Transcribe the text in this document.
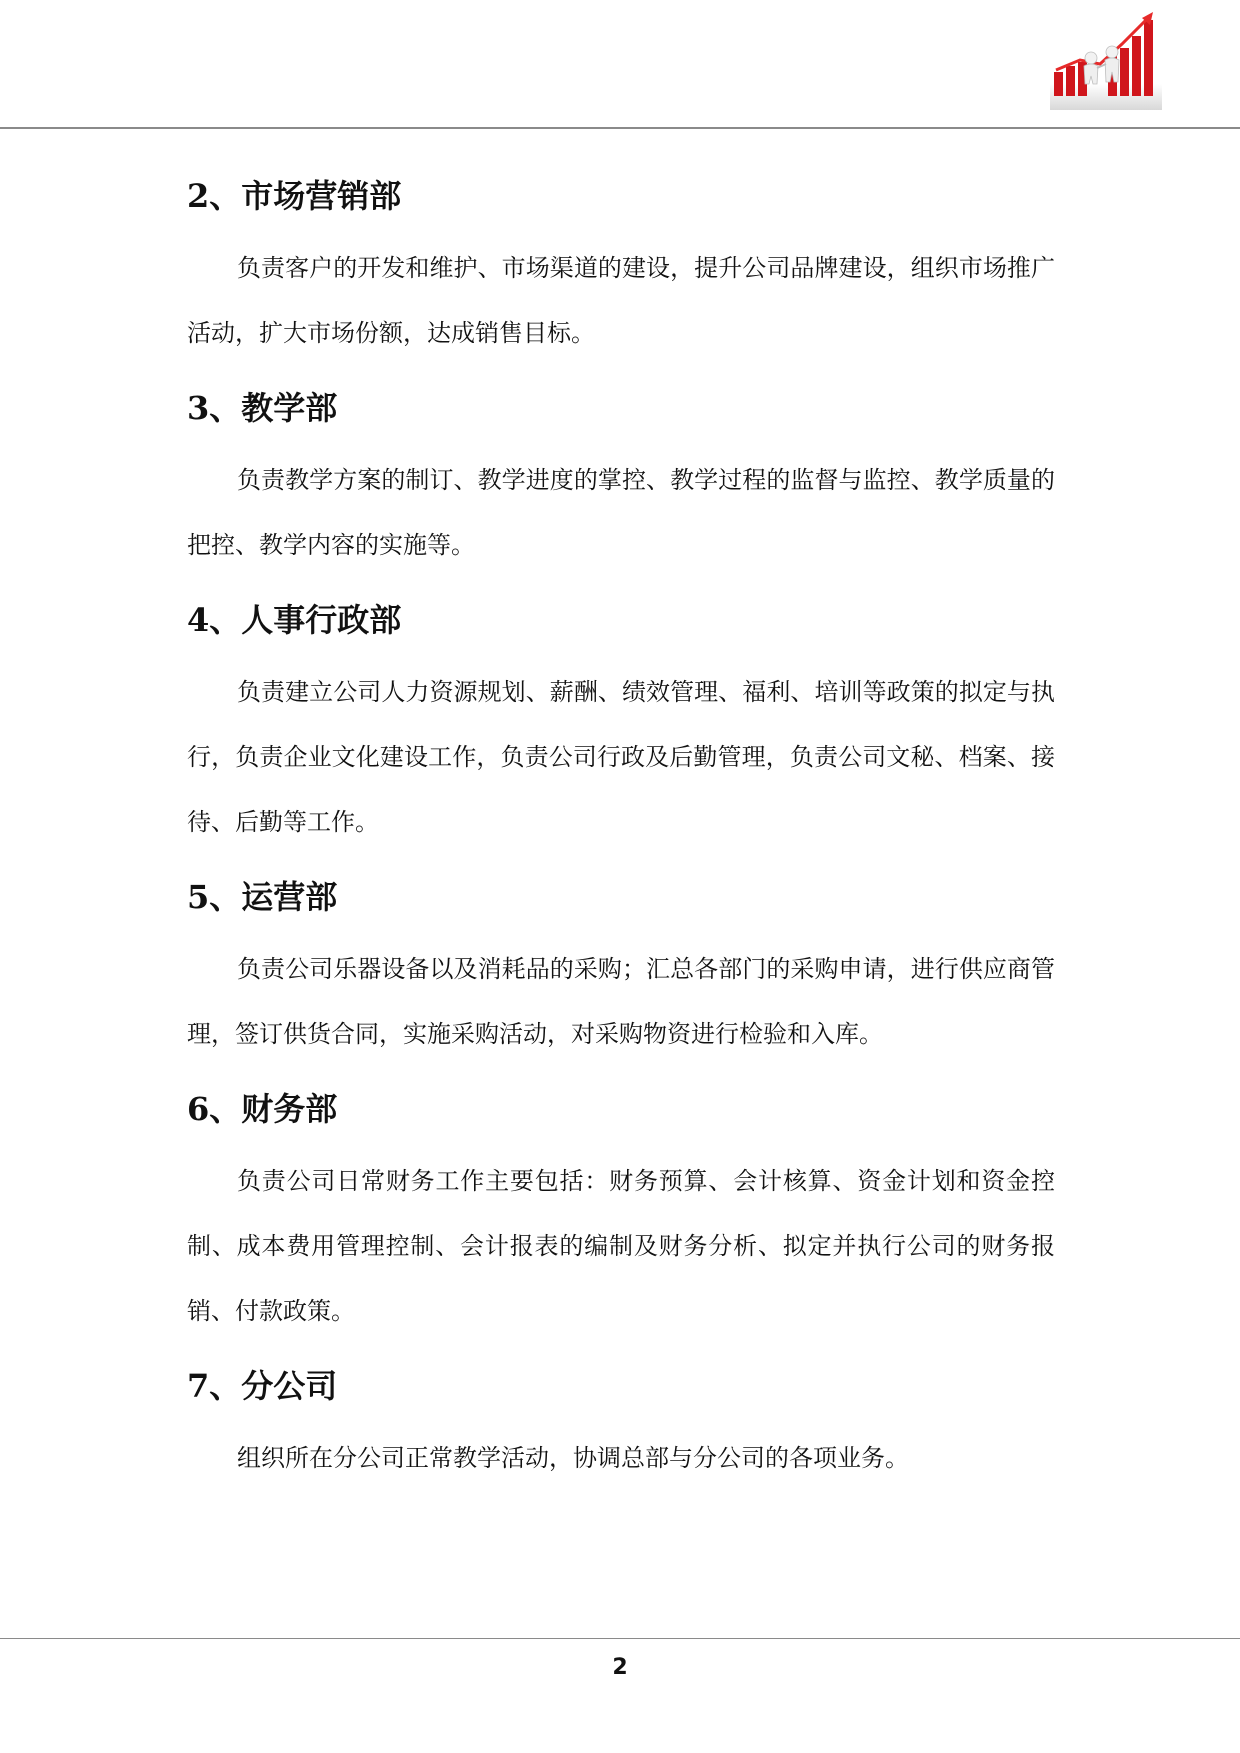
2、市场营销部

负责客户的开发和维护、市场渠道的建设，提升公司品牌建设，组织市场推广活动，扩大市场份额，达成销售目标。

3、教学部

负责教学方案的制订、教学进度的掌控、教学过程的监督与监控、教学质量的把控、教学内容的实施等。

4、人事行政部

负责建立公司人力资源规划、薪酬、绩效管理、福利、培训等政策的拟定与执行，负责企业文化建设工作，负责公司行政及后勤管理，负责公司文秘、档案、接待、后勤等工作。

5、运营部

负责公司乐器设备以及消耗品的采购；汇总各部门的采购申请，进行供应商管理，签订供货合同，实施采购活动，对采购物资进行检验和入库。

6、财务部

负责公司日常财务工作主要包括：财务预算、会计核算、资金计划和资金控制、成本费用管理控制、会计报表的编制及财务分析、拟定并执行公司的财务报销、付款政策。

7、分公司

组织所在分公司正常教学活动，协调总部与分公司的各项业务。

2
